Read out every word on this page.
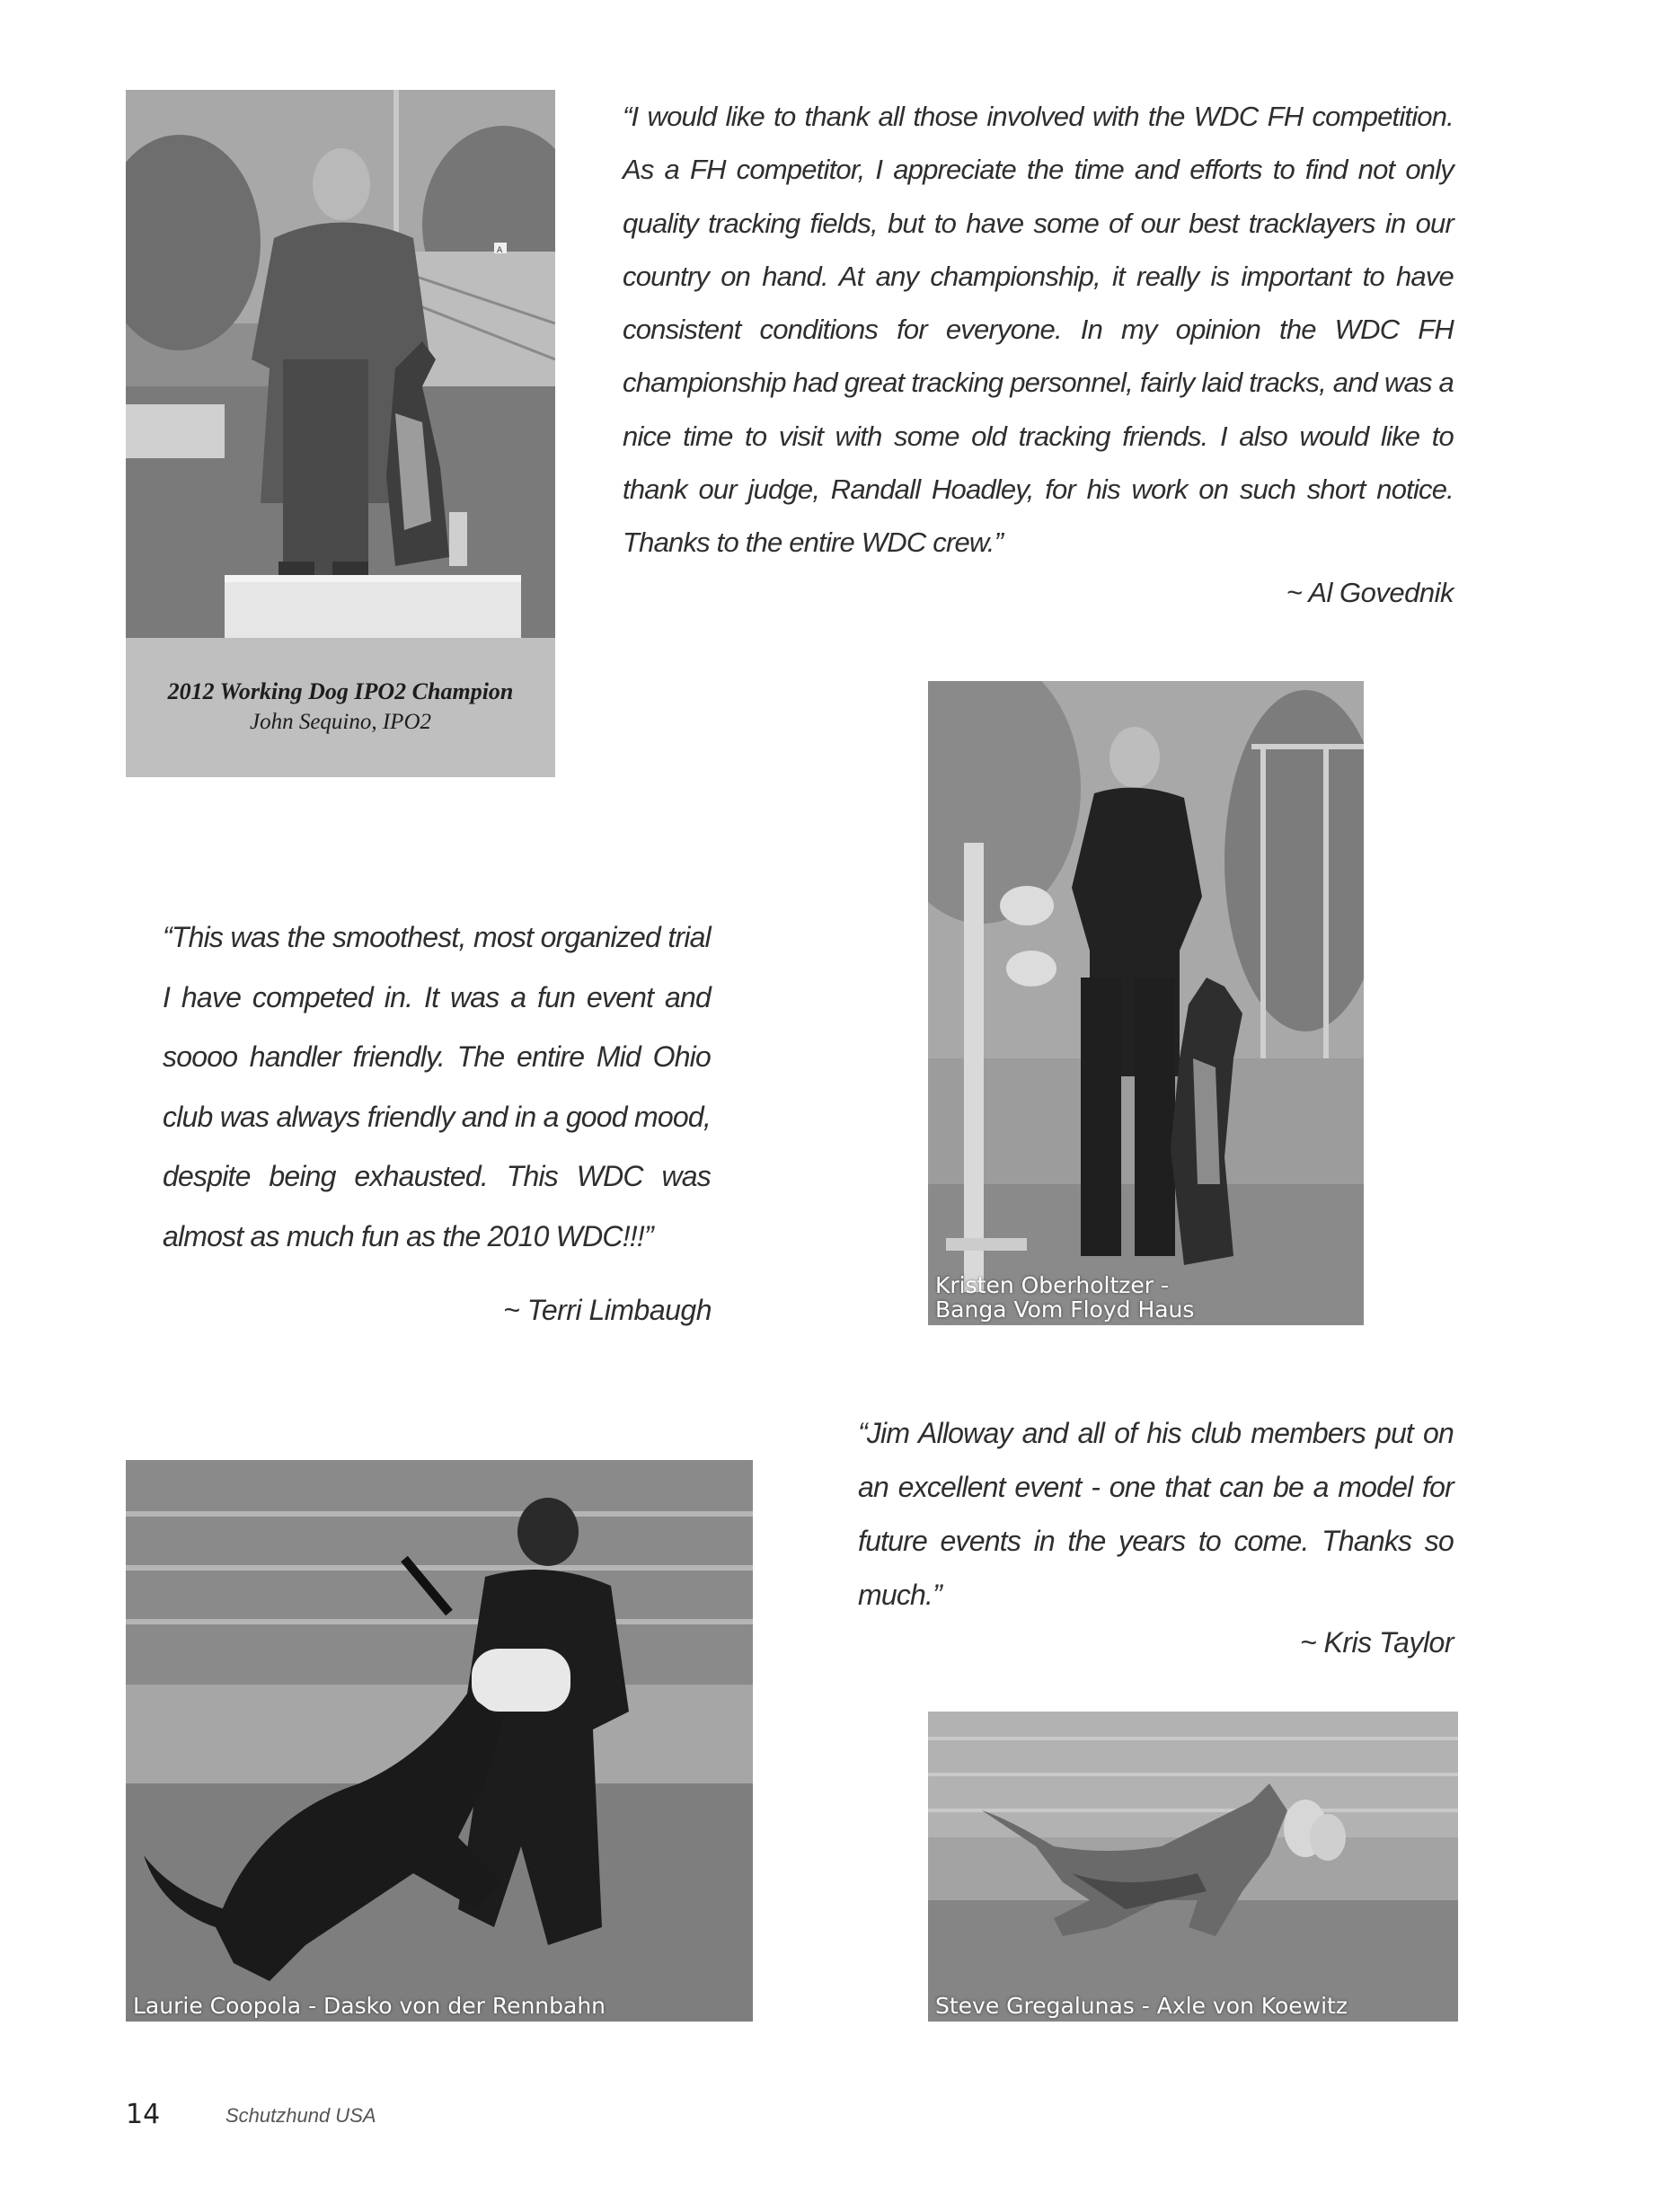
A
2012 Working Dog IPO2 Champion
John Sequino, IPO2

“I would like to thank all those involved with the WDC FH competition. As a FH competitor, I appreciate the time and efforts to find not only quality tracking fields, but to have some of our best tracklayers in our country on hand. At any championship, it really is important to have consistent conditions for everyone. In my opinion the WDC FH championship had great tracking personnel, fairly laid tracks, and was a nice time to visit with some old tracking friends. I also would like to thank our judge, Randall Hoadley, for his work on such short notice. Thanks to the entire WDC crew.”

~ Al Govednik
Kristen Oberholtzer -
Banga Vom Floyd Haus

“This was the smoothest, most organized trial I have competed in. It was a fun event and soooo handler friendly. The entire Mid Ohio club was always friendly and in a good mood, despite being exhausted. This WDC was almost as much fun as the 2010 WDC!!!”

~ Terri Limbaugh

“Jim Alloway and all of his club members put on an excellent event - one that can be a model for future events in the years to come. Thanks so much.”

~ Kris Taylor
Laurie Coopola - Dasko von der Rennbahn	Steve Gregalunas - Axle von Koewitz
14	Schutzhund USA
